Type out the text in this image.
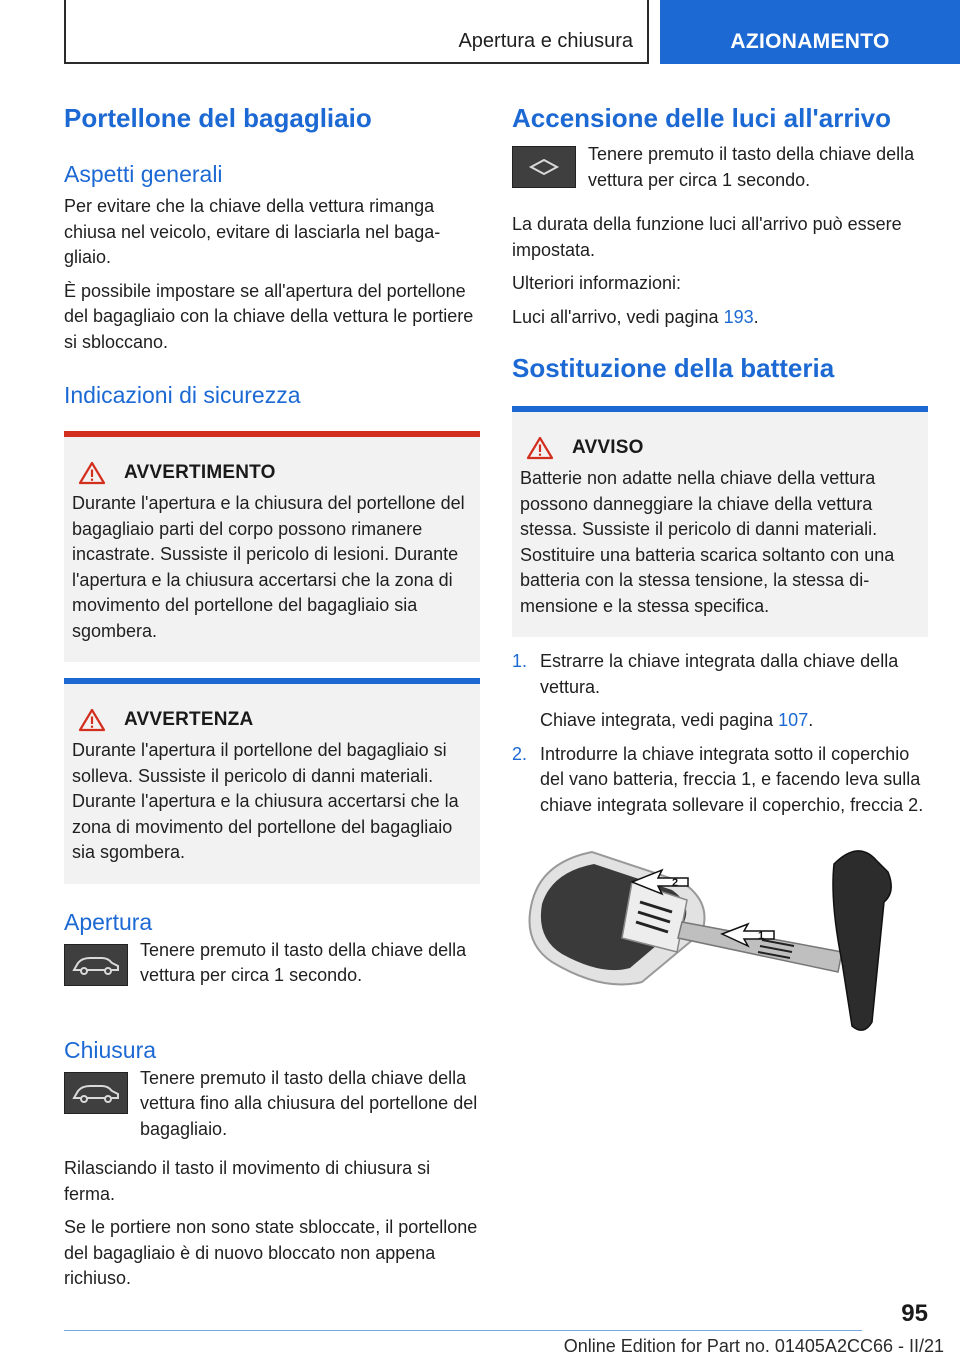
Apertura e chiusura	AZIONAMENTO
Portellone del bagagliaio
Aspetti generali

Per evitare che la chiave della vettura rimanga chiusa nel veicolo, evitare di lasciarla nel bagagliaio.

È possibile impostare se all'apertura del portellone del bagagliaio con la chiave della vettura le portiere si sbloccano.

Indicazioni di sicurezza
AVVERTIMENTO

Durante l'apertura e la chiusura del portellone del bagagliaio parti del corpo possono rimanere incastrate. Sussiste il pericolo di lesioni. Durante l'apertura e la chiusura accertarsi che la zona di movimento del portellone del bagagliaio sia sgombera.

AVVERTENZA

Durante l'apertura il portellone del bagagliaio si solleva. Sussiste il pericolo di danni materiali. Durante l'apertura e la chiusura accertarsi che la zona di movimento del portellone del bagagliaio sia sgombera.

Apertura

Tenere premuto il tasto della chiave della vettura per circa 1 secondo.

Chiusura

Tenere premuto il tasto della chiave della vettura fino alla chiusura del portellone del bagagliaio.

Rilasciando il tasto il movimento di chiusura si ferma.

Se le portiere non sono state sbloccate, il portellone del bagagliaio è di nuovo bloccato non appena richiuso.

Accensione delle luci all'arrivo

Tenere premuto il tasto della chiave della vettura per circa 1 secondo.

La durata della funzione luci all'arrivo può essere impostata.

Ulteriori informazioni:

Luci all'arrivo, vedi pagina 193.

Sostituzione della batteria
AVVISO

Batterie non adatte nella chiave della vettura possono danneggiare la chiave della vettura stessa. Sussiste il pericolo di danni materiali. Sostituire una batteria scarica soltanto con una batteria con la stessa tensione, la stessa dimensione e la stessa specifica.

1. Estrarre la chiave integrata dalla chiave della vettura.

Chiave integrata, vedi pagina 107.

2. Introdurre la chiave integrata sotto il coperchio del vano batteria, freccia 1, e facendo leva sulla chiave integrata sollevare il coperchio, freccia 2.

2
1
95
Online Edition for Part no. 01405A2CC66 - II/21
